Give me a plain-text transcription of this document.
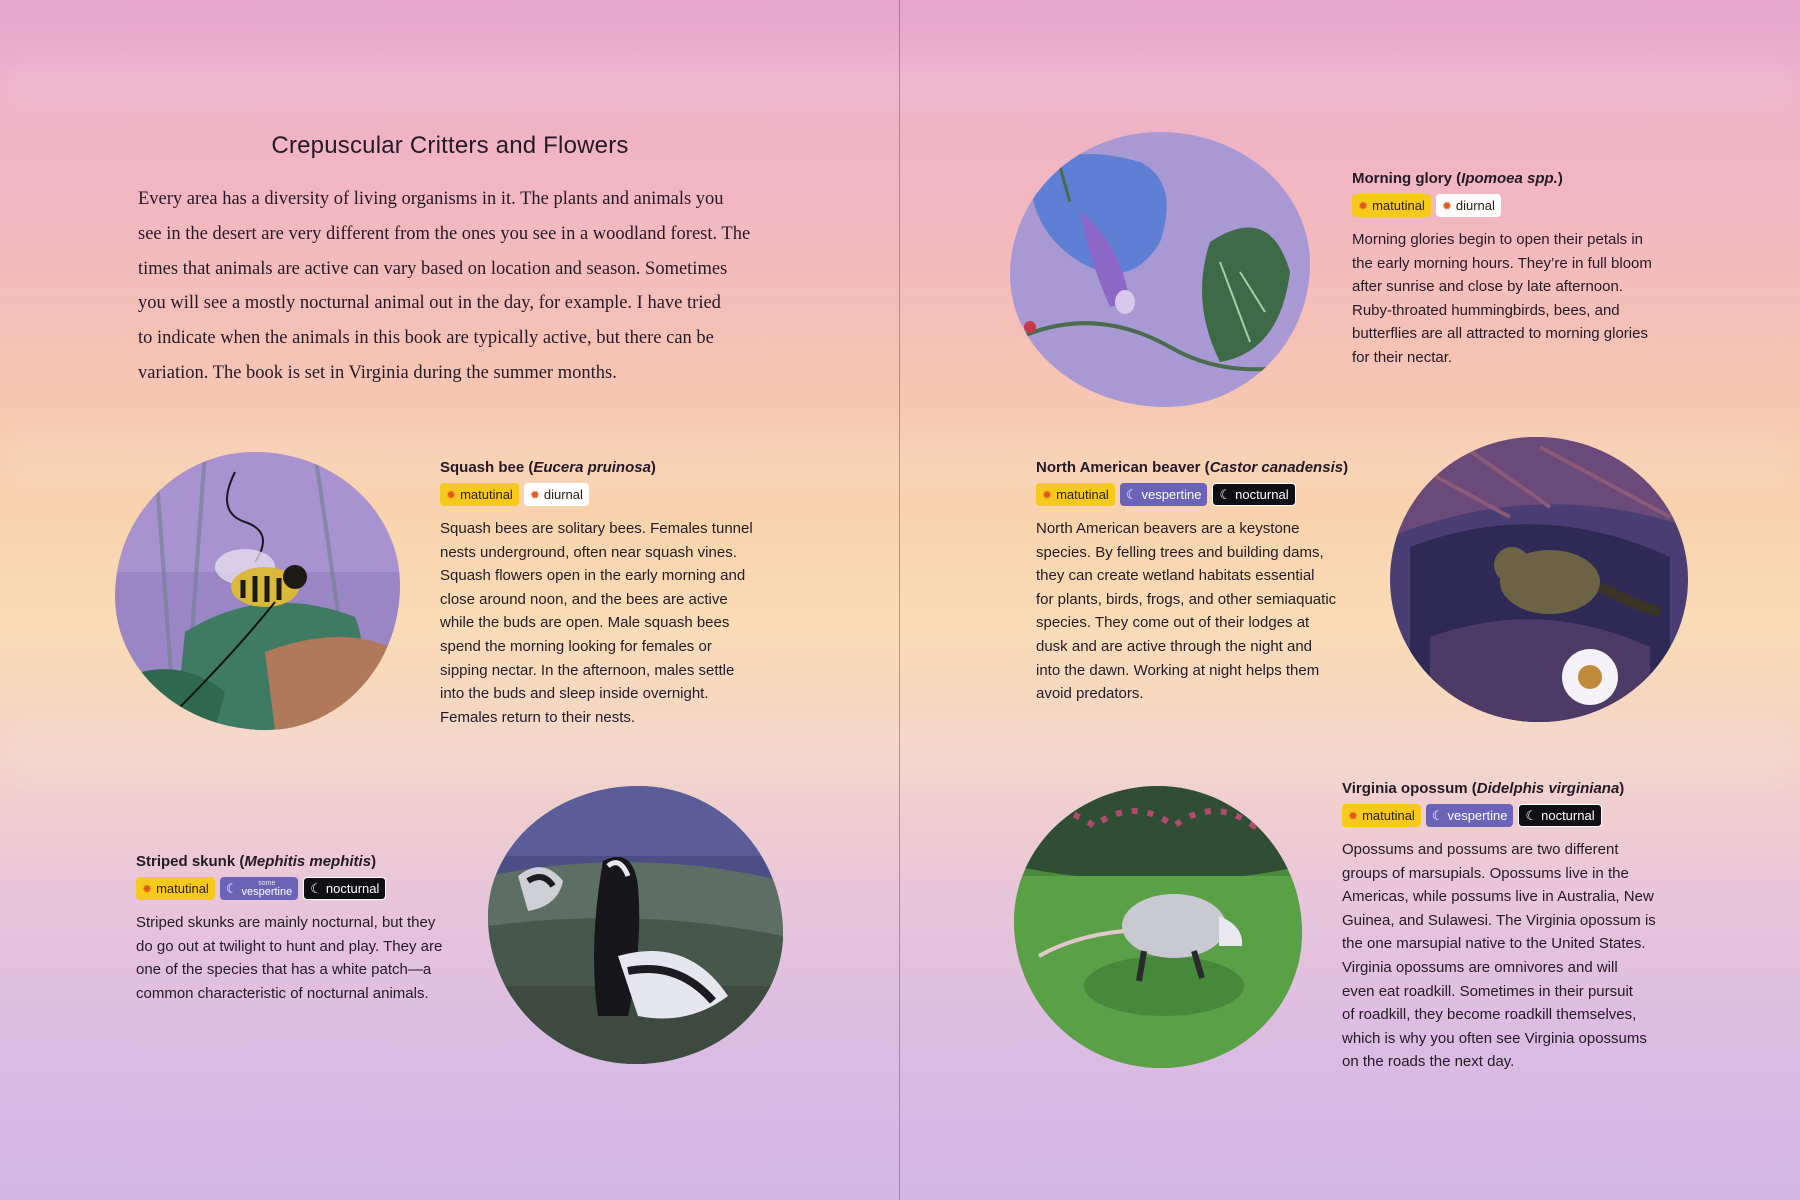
Crepuscular Critters and Flowers
Every area has a diversity of living organisms in it. The plants and animals you
see in the desert are very different from the ones you see in a woodland forest. The
times that animals are active can vary based on location and season. Sometimes
you will see a mostly nocturnal animal out in the day, for example. I have tried
to indicate when the animals in this book are typically active, but there can be
variation. The book is set in Virginia during the summer months.
Squash bee (Eucera pruinosa)
✹ matutinal ✹ diurnal
Squash bees are solitary bees. Females tunnel
nests underground, often near squash vines.
Squash flowers open in the early morning and
close around noon, and the bees are active
while the buds are open. Male squash bees
spend the morning looking for females or
sipping nectar. In the afternoon, males settle
into the buds and sleep inside overnight.
Females return to their nests.
Striped skunk (Mephitis mephitis)
✹ matutinal ☾	some
vespertine ☾ nocturnal
Striped skunks are mainly nocturnal, but they
do go out at twilight to hunt and play. They are
one of the species that has a white patch—a
common characteristic of nocturnal animals.
Morning glory (Ipomoea spp.)
✹ matutinal ✹ diurnal
Morning glories begin to open their petals in
the early morning hours. They’re in full bloom
after sunrise and close by late afternoon.
Ruby-throated hummingbirds, bees, and
butterflies are all attracted to morning glories
for their nectar.
North American beaver (Castor canadensis)
✹ matutinal ☾ vespertine ☾ nocturnal
North American beavers are a keystone
species. By felling trees and building dams,
they can create wetland habitats essential
for plants, birds, frogs, and other semiaquatic
species. They come out of their lodges at
dusk and are active through the night and
into the dawn. Working at night helps them
avoid predators.
Virginia opossum (Didelphis virginiana)
✹ matutinal ☾ vespertine ☾ nocturnal
Opossums and possums are two different
groups of marsupials. Opossums live in the
Americas, while possums live in Australia, New
Guinea, and Sulawesi. The Virginia opossum is
the one marsupial native to the United States.
Virginia opossums are omnivores and will
even eat roadkill. Sometimes in their pursuit
of roadkill, they become roadkill themselves,
which is why you often see Virginia opossums
on the roads the next day.
